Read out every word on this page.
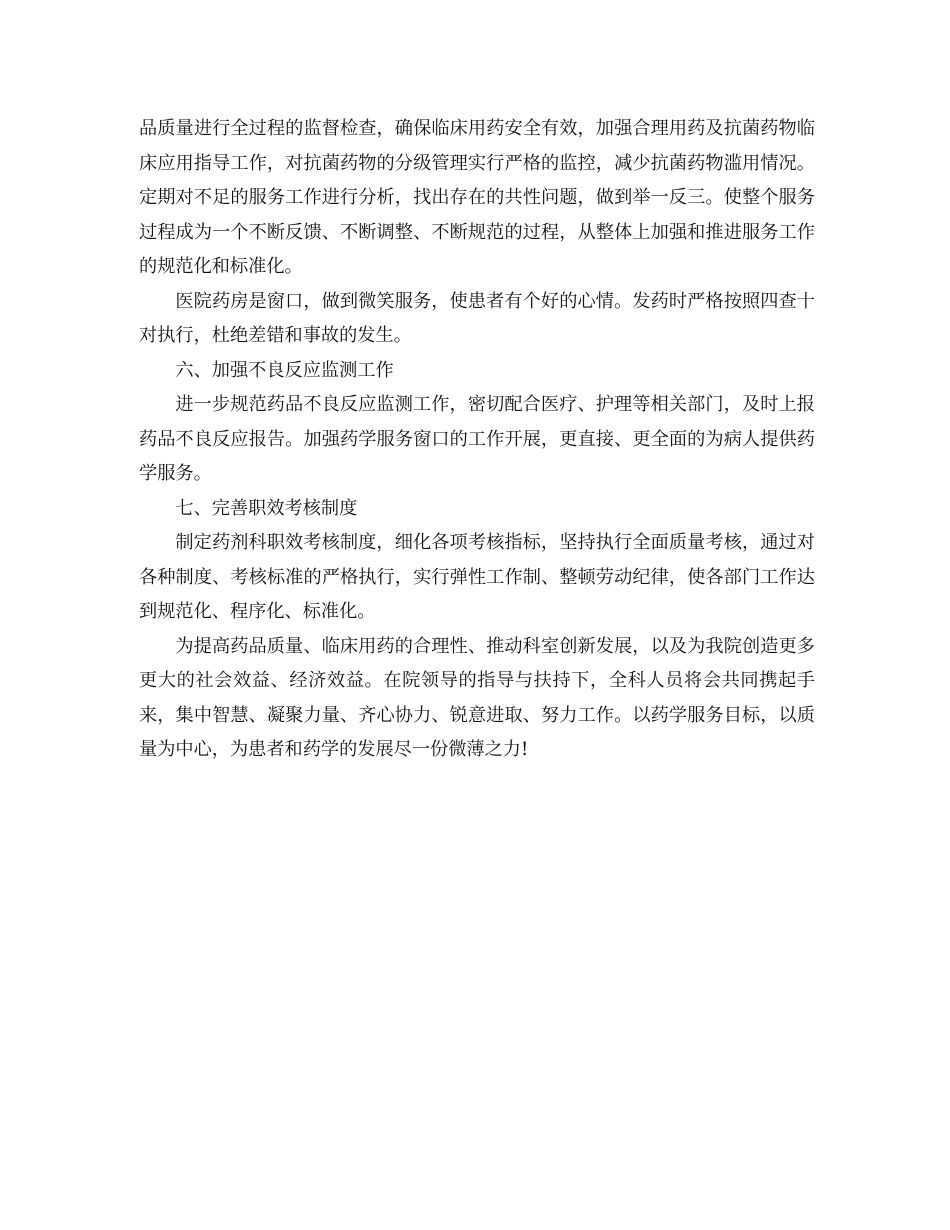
品质量进行全过程的监督检查，确保临床用药安全有效，加强合理用药及抗菌药物临床应用指导工作，对抗菌药物的分级管理实行严格的监控，减少抗菌药物滥用情况。定期对不足的服务工作进行分析，找出存在的共性问题，做到举一反三。使整个服务过程成为一个不断反馈、不断调整、不断规范的过程，从整体上加强和推进服务工作的规范化和标准化。

医院药房是窗口，做到微笑服务，使患者有个好的心情。发药时严格按照四查十对执行，杜绝差错和事故的发生。

六、加强不良反应监测工作

进一步规范药品不良反应监测工作，密切配合医疗、护理等相关部门，及时上报药品不良反应报告。加强药学服务窗口的工作开展，更直接、更全面的为病人提供药学服务。

七、完善职效考核制度

制定药剂科职效考核制度，细化各项考核指标，坚持执行全面质量考核，通过对各种制度、考核标准的严格执行，实行弹性工作制、整顿劳动纪律，使各部门工作达到规范化、程序化、标准化。

为提高药品质量、临床用药的合理性、推动科室创新发展，以及为我院创造更多更大的社会效益、经济效益。在院领导的指导与扶持下，全科人员将会共同携起手来，集中智慧、凝聚力量、齐心协力、锐意进取、努力工作。以药学服务目标，以质量为中心，为患者和药学的发展尽一份微薄之力!
